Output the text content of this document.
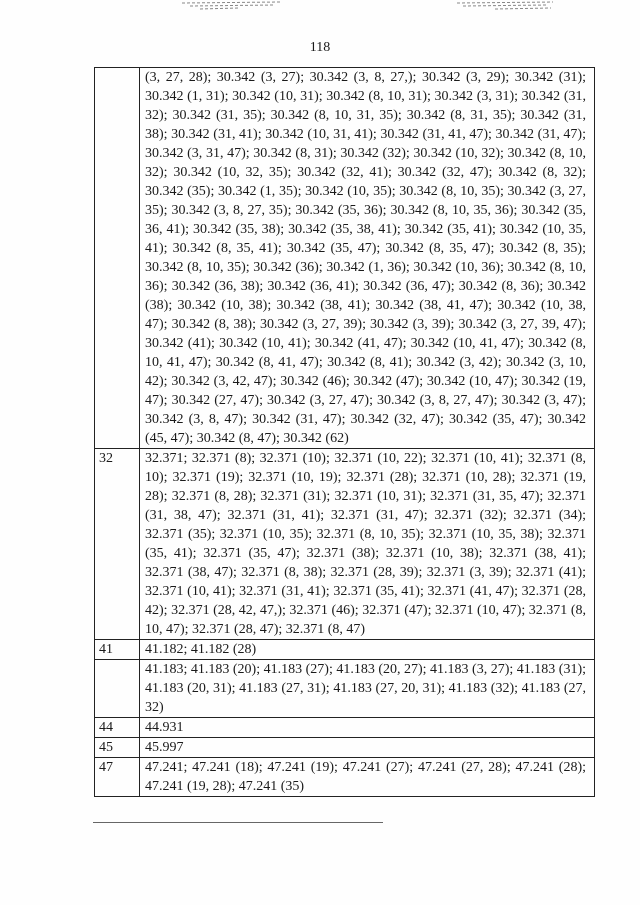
118
	(3, 27, 28); 30.342 (3, 27); 30.342 (3, 8, 27,); 30.342 (3, 29); 30.342 (31); 30.342 (1, 31); 30.342 (10, 31); 30.342 (8, 10, 31); 30.342 (3, 31); 30.342 (31, 32); 30.342 (31, 35); 30.342 (8, 10, 31, 35); 30.342 (8, 31, 35); 30.342 (31, 38); 30.342 (31, 41); 30.342 (10, 31, 41); 30.342 (31, 41, 47); 30.342 (31, 47); 30.342 (3, 31, 47); 30.342 (8, 31); 30.342 (32); 30.342 (10, 32); 30.342 (8, 10, 32); 30.342 (10, 32, 35); 30.342 (32, 41); 30.342 (32, 47); 30.342 (8, 32); 30.342 (35); 30.342 (1, 35); 30.342 (10, 35); 30.342 (8, 10, 35); 30.342 (3, 27, 35); 30.342 (3, 8, 27, 35); 30.342 (35, 36); 30.342 (8, 10, 35, 36); 30.342 (35, 36, 41); 30.342 (35, 38); 30.342 (35, 38, 41); 30.342 (35, 41); 30.342 (10, 35, 41); 30.342 (8, 35, 41); 30.342 (35, 47); 30.342 (8, 35, 47); 30.342 (8, 35); 30.342 (8, 10, 35); 30.342 (36); 30.342 (1, 36); 30.342 (10, 36); 30.342 (8, 10, 36); 30.342 (36, 38); 30.342 (36, 41); 30.342 (36, 47); 30.342 (8, 36); 30.342 (38); 30.342 (10, 38); 30.342 (38, 41); 30.342 (38, 41, 47); 30.342 (10, 38, 47); 30.342 (8, 38); 30.342 (3, 27, 39); 30.342 (3, 39); 30.342 (3, 27, 39, 47); 30.342 (41); 30.342 (10, 41); 30.342 (41, 47); 30.342 (10, 41, 47); 30.342 (8, 10, 41, 47); 30.342 (8, 41, 47); 30.342 (8, 41); 30.342 (3, 42); 30.342 (3, 10, 42); 30.342 (3, 42, 47); 30.342 (46); 30.342 (47); 30.342 (10, 47); 30.342 (19, 47); 30.342 (27, 47); 30.342 (3, 27, 47); 30.342 (3, 8, 27, 47); 30.342 (3, 47); 30.342 (3, 8, 47); 30.342 (31, 47); 30.342 (32, 47); 30.342 (35, 47); 30.342 (45, 47); 30.342 (8, 47); 30.342 (62)
32	32.371; 32.371 (8); 32.371 (10); 32.371 (10, 22); 32.371 (10, 41); 32.371 (8, 10); 32.371 (19); 32.371 (10, 19); 32.371 (28); 32.371 (10, 28); 32.371 (19, 28); 32.371 (8, 28); 32.371 (31); 32.371 (10, 31); 32.371 (31, 35, 47); 32.371 (31, 38, 47); 32.371 (31, 41); 32.371 (31, 47); 32.371 (32); 32.371 (34); 32.371 (35); 32.371 (10, 35); 32.371 (8, 10, 35); 32.371 (10, 35, 38); 32.371 (35, 41); 32.371 (35, 47); 32.371 (38); 32.371 (10, 38); 32.371 (38, 41); 32.371 (38, 47); 32.371 (8, 38); 32.371 (28, 39); 32.371 (3, 39); 32.371 (41); 32.371 (10, 41); 32.371 (31, 41); 32.371 (35, 41); 32.371 (41, 47); 32.371 (28, 42); 32.371 (28, 42, 47,); 32.371 (46); 32.371 (47); 32.371 (10, 47); 32.371 (8, 10, 47); 32.371 (28, 47); 32.371 (8, 47)
41	41.182; 41.182 (28)
	41.183; 41.183 (20); 41.183 (27); 41.183 (20, 27); 41.183 (3, 27); 41.183 (31); 41.183 (20, 31); 41.183 (27, 31); 41.183 (27, 20, 31); 41.183 (32); 41.183 (27, 32)
44	44.931
45	45.997
47	47.241; 47.241 (18); 47.241 (19); 47.241 (27); 47.241 (27, 28); 47.241 (28); 47.241 (19, 28); 47.241 (35)
